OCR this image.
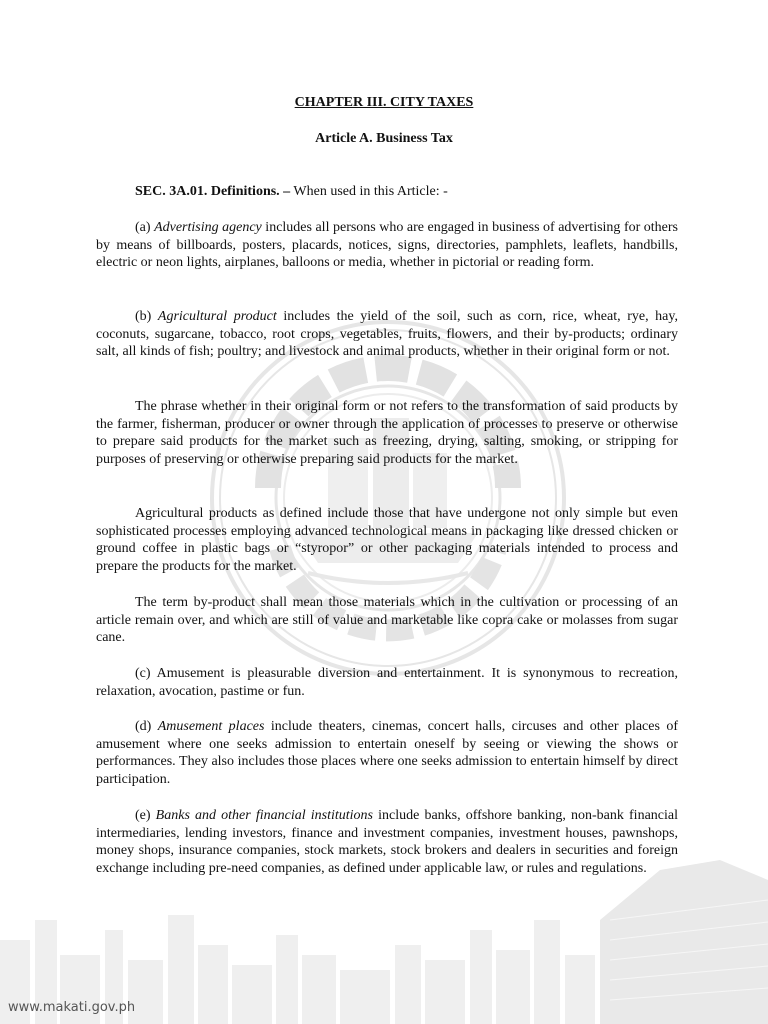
CHAPTER III. CITY TAXES
Article A. Business Tax
SEC. 3A.01. Definitions. – When used in this Article: -
(a) Advertising agency includes all persons who are engaged in business of advertising for others by means of billboards, posters, placards, notices, signs, directories, pamphlets, leaflets, handbills, electric or neon lights, airplanes, balloons or media, whether in pictorial or reading form.
(b) Agricultural product includes the yield of the soil, such as corn, rice, wheat, rye, hay, coconuts, sugarcane, tobacco, root crops, vegetables, fruits, flowers, and their by-products; ordinary salt, all kinds of fish; poultry; and livestock and animal products, whether in their original form or not.
The phrase whether in their original form or not refers to the transformation of said products by the farmer, fisherman, producer or owner through the application of processes to preserve or otherwise to prepare said products for the market such as freezing, drying, salting, smoking, or stripping for purposes of preserving or otherwise preparing said products for the market.
Agricultural products as defined include those that have undergone not only simple but even sophisticated processes employing advanced technological means in packaging like dressed chicken or ground coffee in plastic bags or “styropor” or other packaging materials intended to process and prepare the products for the market.
The term by-product shall mean those materials which in the cultivation or processing of an article remain over, and which are still of value and marketable like copra cake or molasses from sugar cane.
(c) Amusement is pleasurable diversion and entertainment. It is synonymous to recreation, relaxation, avocation, pastime or fun.
(d) Amusement places include theaters, cinemas, concert halls, circuses and other places of amusement where one seeks admission to entertain oneself by seeing or viewing the shows or performances. They also includes those places where one seeks admission to entertain himself by direct participation.
(e) Banks and other financial institutions include banks, offshore banking, non-bank financial intermediaries, lending investors, finance and investment companies, investment houses, pawnshops, money shops, insurance companies, stock markets, stock brokers and dealers in securities and foreign exchange including pre-need companies, as defined under applicable law, or rules and regulations.
www.makati.gov.ph
